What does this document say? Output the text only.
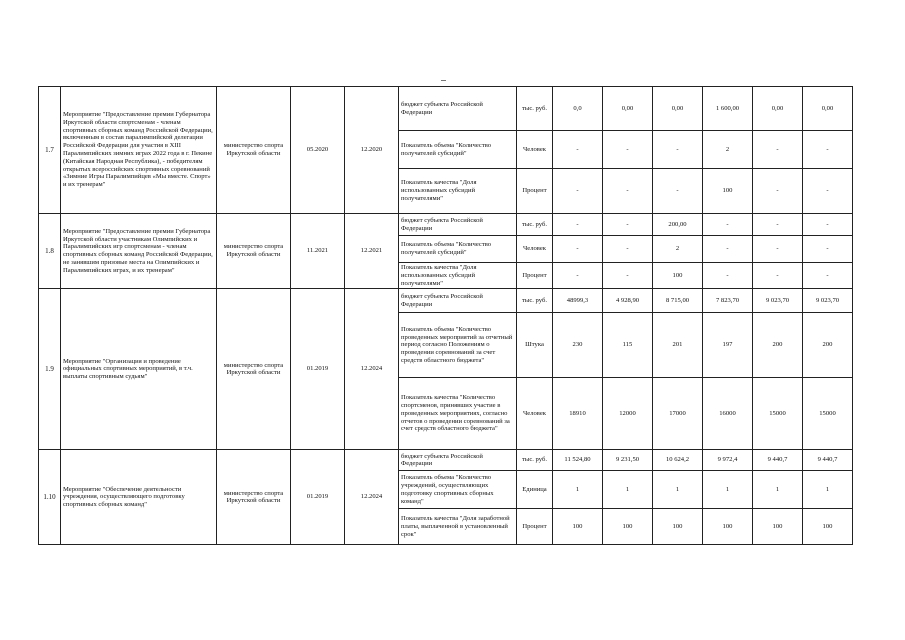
1.7	Мероприятие "Предоставление премии Губернатора Иркутской области спортсменам - членам спортивных сборных команд Российской Федерации, включенным в состав паралимпийской делегации Российской Федерации для участия в XIII Паралимпийских зимних играх 2022 года в г. Пекине (Китайская Народная Республика), - победителям открытых всероссийских спортивных соревнований «Зимние Игры Паралимпийцев «Мы вместе. Спорт» и их тренерам"	министерство спорта Иркутской области	05.2020	12.2020	бюджет субъекта Российской Федерации	тыс. руб.	0,0	0,00	0,00	1 600,00	0,00	0,00
					Показатель объема "Количество получателей субсидий"	Человек	-	-	-	2	-	-
					Показатель качества "Доля использованных субсидий получателями"	Процент	-	-	-	100	-	-
1.8	Мероприятие "Предоставление премии Губернатора Иркутской области участникам Олимпийских и Паралимпийских игр спортсменам - членам спортивных сборных команд Российской Федерации, не занявшим призовые места на Олимпийских и Паралимпийских играх, и их тренерам"	министерство спорта Иркутской области	11.2021	12.2021	бюджет субъекта Российской Федерации	тыс. руб.	-	-	200,00	-	-	-
					Показатель объема "Количество получателей субсидий"	Человек	-	-	2	-	-	-
					Показатель качества "Доля использованных субсидий получателями"	Процент	-	-	100	-	-	-
1.9	Мероприятие "Организация и проведение официальных спортивных мероприятий, в т.ч. выплаты спортивным судьям"	министерство спорта Иркутской области	01.2019	12.2024	бюджет субъекта Российской Федерации	тыс. руб.	48999,3	4 928,90	8 715,00	7 823,70	9 023,70	9 023,70
					Показатель объема "Количество проведенных мероприятий за отчетный период согласно Положениям о проведении соревнований за счет средств областного бюджета"	Штука	230	115	201	197	200	200
					Показатель качества "Количество спортсменов, принявших участие в проведенных мероприятиях, согласно отчетов о проведении соревнований за счет средств областного бюджета"	Человек	18910	12000	17000	16000	15000	15000
1.10	Мероприятие "Обеспечение деятельности учреждения, осуществляющего подготовку спортивных сборных команд"	министерство спорта Иркутской области	01.2019	12.2024	бюджет субъекта Российской Федерации	тыс. руб.	11 524,80	9 231,50	10 624,2	9 972,4	9 440,7	9 440,7
					Показатель объема "Количество учреждений, осуществляющих подготовку спортивных сборных команд"	Единица	1	1	1	1	1	1
					Показатель качества "Доля заработной платы, выплаченной в установленный срок"	Процент	100	100	100	100	100	100
